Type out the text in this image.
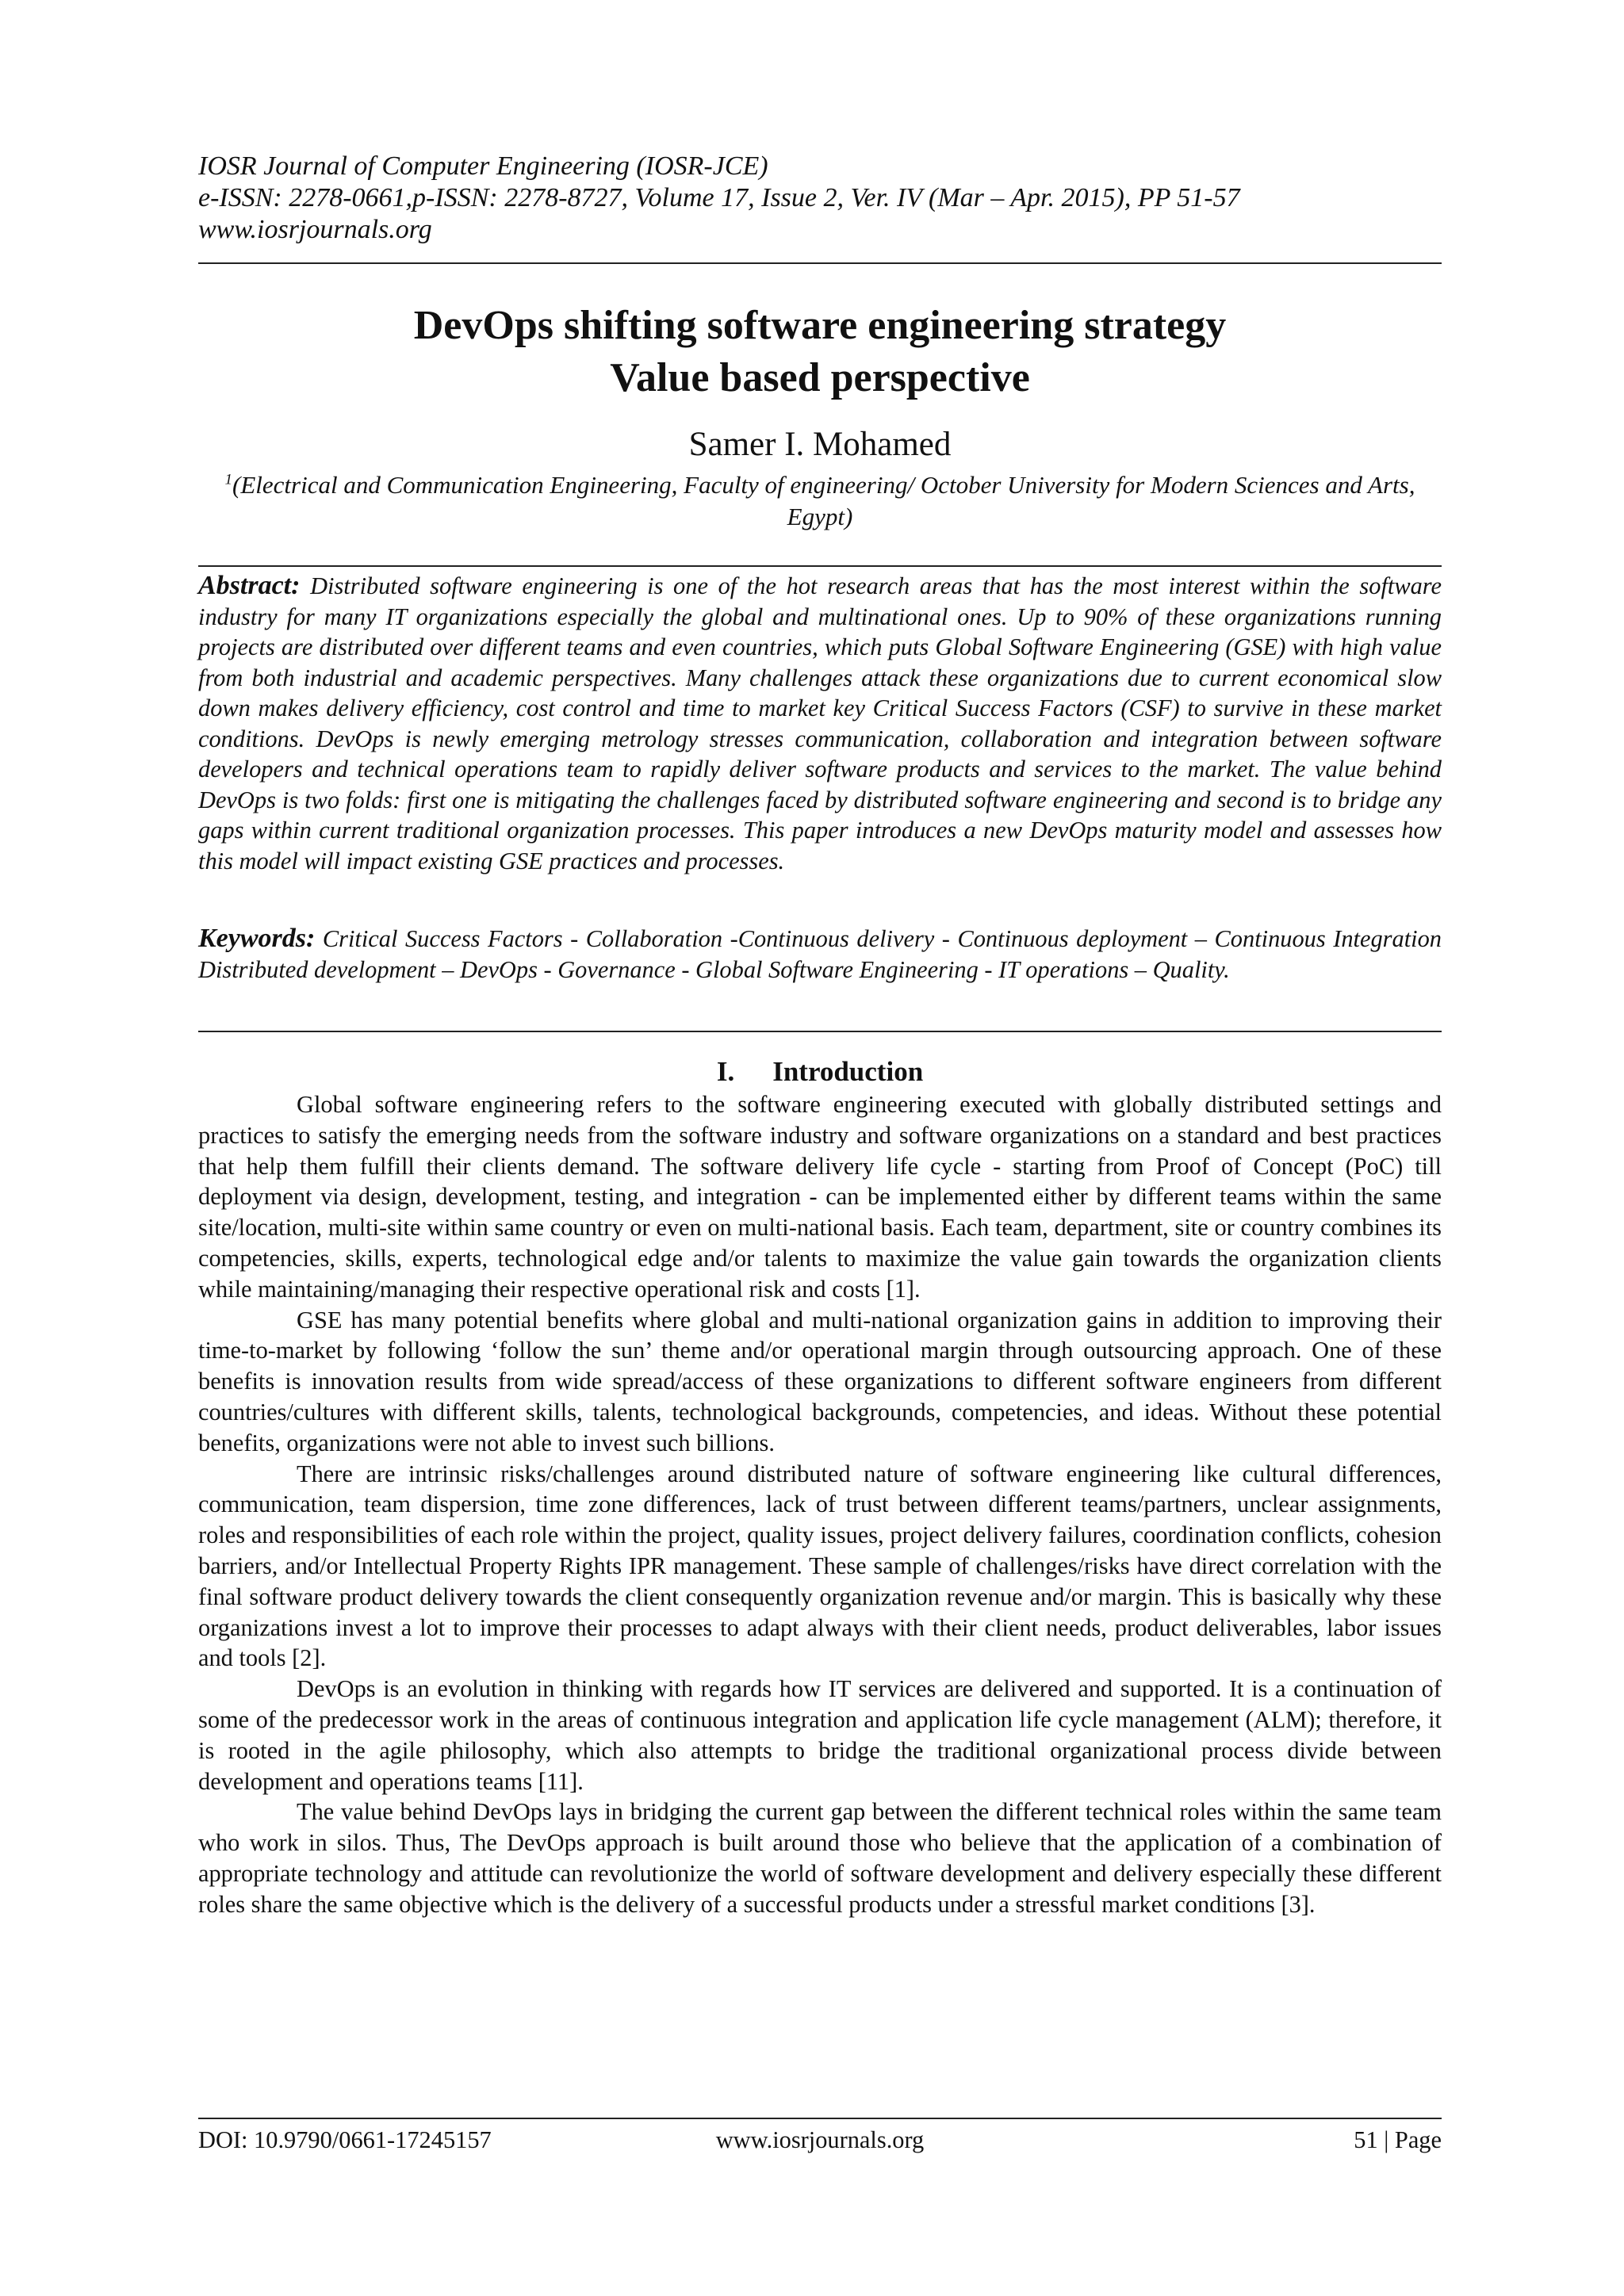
IOSR Journal of Computer Engineering (IOSR-JCE)
e-ISSN: 2278-0661,p-ISSN: 2278-8727, Volume 17, Issue 2, Ver. IV (Mar – Apr. 2015), PP 51-57
www.iosrjournals.org
DevOps shifting software engineering strategy
Value based perspective
Samer I. Mohamed
$^1$(Electrical and Communication Engineering, Faculty of engineering/ October University for Modern Sciences and Arts, Egypt)
Abstract: Distributed software engineering is one of the hot research areas that has the most interest within the software industry for many IT organizations especially the global and multinational ones. Up to 90% of these organizations running projects are distributed over different teams and even countries, which puts Global Software Engineering (GSE) with high value from both industrial and academic perspectives. Many challenges attack these organizations due to current economical slow down makes delivery efficiency, cost control and time to market key Critical Success Factors (CSF) to survive in these market conditions. DevOps is newly emerging metrology stresses communication, collaboration and integration between software developers and technical operations team to rapidly deliver software products and services to the market. The value behind DevOps is two folds: first one is mitigating the challenges faced by distributed software engineering and second is to bridge any gaps within current traditional organization processes. This paper introduces a new DevOps maturity model and assesses how this model will impact existing GSE practices and processes.
Keywords: Critical Success Factors - Collaboration -Continuous delivery - Continuous deployment – Continuous Integration Distributed development – DevOps - Governance - Global Software Engineering - IT operations – Quality.
I. Introduction

Global software engineering refers to the software engineering executed with globally distributed settings and practices to satisfy the emerging needs from the software industry and software organizations on a standard and best practices that help them fulfill their clients demand. The software delivery life cycle - starting from Proof of Concept (PoC) till deployment via design, development, testing, and integration - can be implemented either by different teams within the same site/location, multi-site within same country or even on multi-national basis. Each team, department, site or country combines its competencies, skills, experts, technological edge and/or talents to maximize the value gain towards the organization clients while maintaining/managing their respective operational risk and costs [1].

GSE has many potential benefits where global and multi-national organization gains in addition to improving their time-to-market by following ‘follow the sun’ theme and/or operational margin through outsourcing approach. One of these benefits is innovation results from wide spread/access of these organizations to different software engineers from different countries/cultures with different skills, talents, technological backgrounds, competencies, and ideas. Without these potential benefits, organizations were not able to invest such billions.

There are intrinsic risks/challenges around distributed nature of software engineering like cultural differences, communication, team dispersion, time zone differences, lack of trust between different teams/partners, unclear assignments, roles and responsibilities of each role within the project, quality issues, project delivery failures, coordination conflicts, cohesion barriers, and/or Intellectual Property Rights IPR management. These sample of challenges/risks have direct correlation with the final software product delivery towards the client consequently organization revenue and/or margin. This is basically why these organizations invest a lot to improve their processes to adapt always with their client needs, product deliverables, labor issues and tools [2].

DevOps is an evolution in thinking with regards how IT services are delivered and supported. It is a continuation of some of the predecessor work in the areas of continuous integration and application life cycle management (ALM); therefore, it is rooted in the agile philosophy, which also attempts to bridge the traditional organizational process divide between development and operations teams [11].

The value behind DevOps lays in bridging the current gap between the different technical roles within the same team who work in silos. Thus, The DevOps approach is built around those who believe that the application of a combination of appropriate technology and attitude can revolutionize the world of software development and delivery especially these different roles share the same objective which is the delivery of a successful products under a stressful market conditions [3].

DOI: 10.9790/0661-17245157	www.iosrjournals.org	51 | Page
